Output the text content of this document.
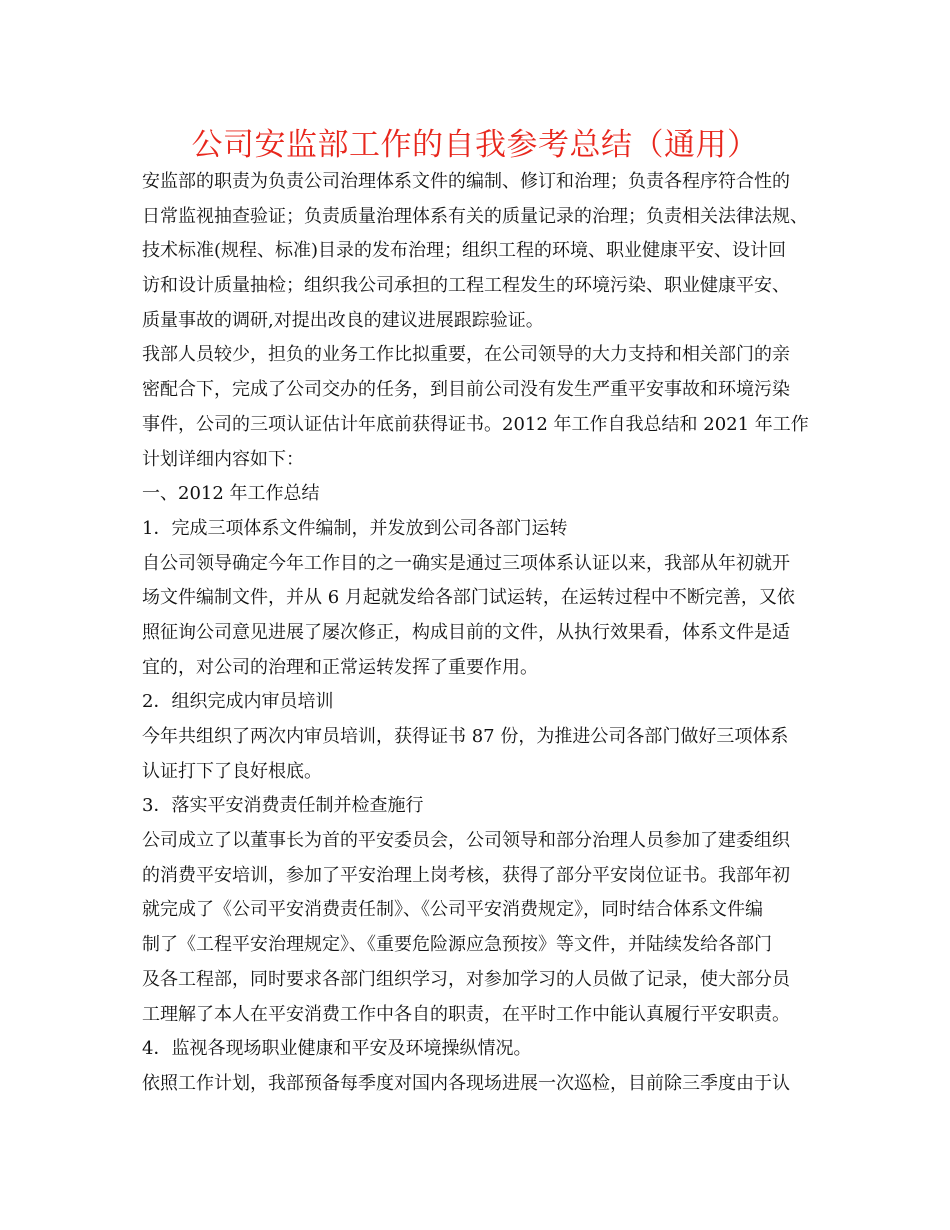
公司安监部工作的自我参考总结（通用）
安监部的职责为负责公司治理体系文件的编制、修订和治理；负责各程序符合性的
日常监视抽查验证；负责质量治理体系有关的质量记录的治理；负责相关法律法规、
技术标准(规程、标准)目录的发布治理；组织工程的环境、职业健康平安、设计回
访和设计质量抽检；组织我公司承担的工程工程发生的环境污染、职业健康平安、
质量事故的调研,对提出改良的建议进展跟踪验证。
我部人员较少，担负的业务工作比拟重要，在公司领导的大力支持和相关部门的亲
密配合下，完成了公司交办的任务，到目前公司没有发生严重平安事故和环境污染
事件，公司的三项认证估计年底前获得证书。2012 年工作自我总结和 2021 年工作
计划详细内容如下：
一、2012 年工作总结
1．完成三项体系文件编制，并发放到公司各部门运转
自公司领导确定今年工作目的之一确实是通过三项体系认证以来，我部从年初就开
场文件编制文件，并从 6 月起就发给各部门试运转，在运转过程中不断完善，又依
照征询公司意见进展了屡次修正，构成目前的文件，从执行效果看，体系文件是适
宜的，对公司的治理和正常运转发挥了重要作用。
2．组织完成内审员培训
今年共组织了两次内审员培训，获得证书 87 份，为推进公司各部门做好三项体系
认证打下了良好根底。
3．落实平安消费责任制并检查施行
公司成立了以董事长为首的平安委员会，公司领导和部分治理人员参加了建委组织
的消费平安培训，参加了平安治理上岗考核，获得了部分平安岗位证书。我部年初
就完成了《公司平安消费责任制》、《公司平安消费规定》，同时结合体系文件编
制了《工程平安治理规定》、《重要危险源应急预按》等文件，并陆续发给各部门
及各工程部，同时要求各部门组织学习，对参加学习的人员做了记录，使大部分员
工理解了本人在平安消费工作中各自的职责，在平时工作中能认真履行平安职责。
4．监视各现场职业健康和平安及环境操纵情况。
依照工作计划，我部预备每季度对国内各现场进展一次巡检，目前除三季度由于认
